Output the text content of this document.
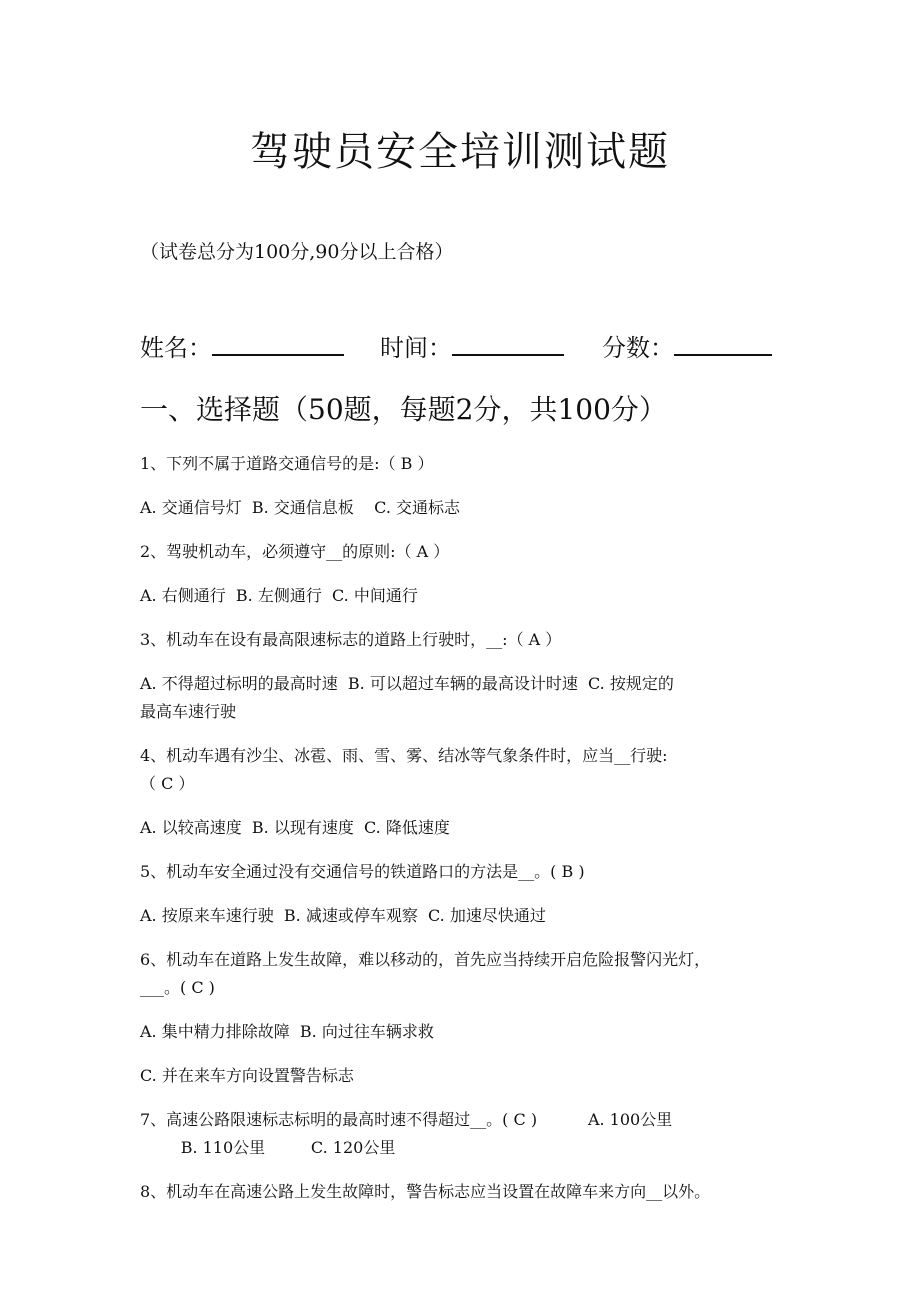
驾驶员安全培训测试题
（试卷总分为100分,90分以上合格）
姓名：	时间：	分数：
一、选择题（50题，每题2分，共100分）
1、下列不属于道路交通信号的是:（ B ）
A. 交通信号灯  B. 交通信息板    C. 交通标志
2、驾驶机动车，必须遵守__的原则:（ A ）
A. 右侧通行  B. 左侧通行  C. 中间通行
3、机动车在设有最高限速标志的道路上行驶时，__:（ A ）
A. 不得超过标明的最高时速  B. 可以超过车辆的最高设计时速  C. 按规定的
最高车速行驶
4、机动车遇有沙尘、冰雹、雨、雪、雾、结冰等气象条件时，应当__行驶:
（ C ）
A. 以较高速度  B. 以现有速度  C. 降低速度
5、机动车安全通过没有交通信号的铁道路口的方法是__。( B )
A. 按原来车速行驶  B. 减速或停车观察  C. 加速尽快通过
6、机动车在道路上发生故障，难以移动的，首先应当持续开启危险报警闪光灯，
___。( C )
A. 集中精力排除故障  B. 向过往车辆求救
C. 并在来车方向设置警告标志
7、高速公路限速标志标明的最高时速不得超过__。( C )          A. 100公里
B. 110公里         C. 120公里
8、机动车在高速公路上发生故障时，警告标志应当设置在故障车来方向__以外。
